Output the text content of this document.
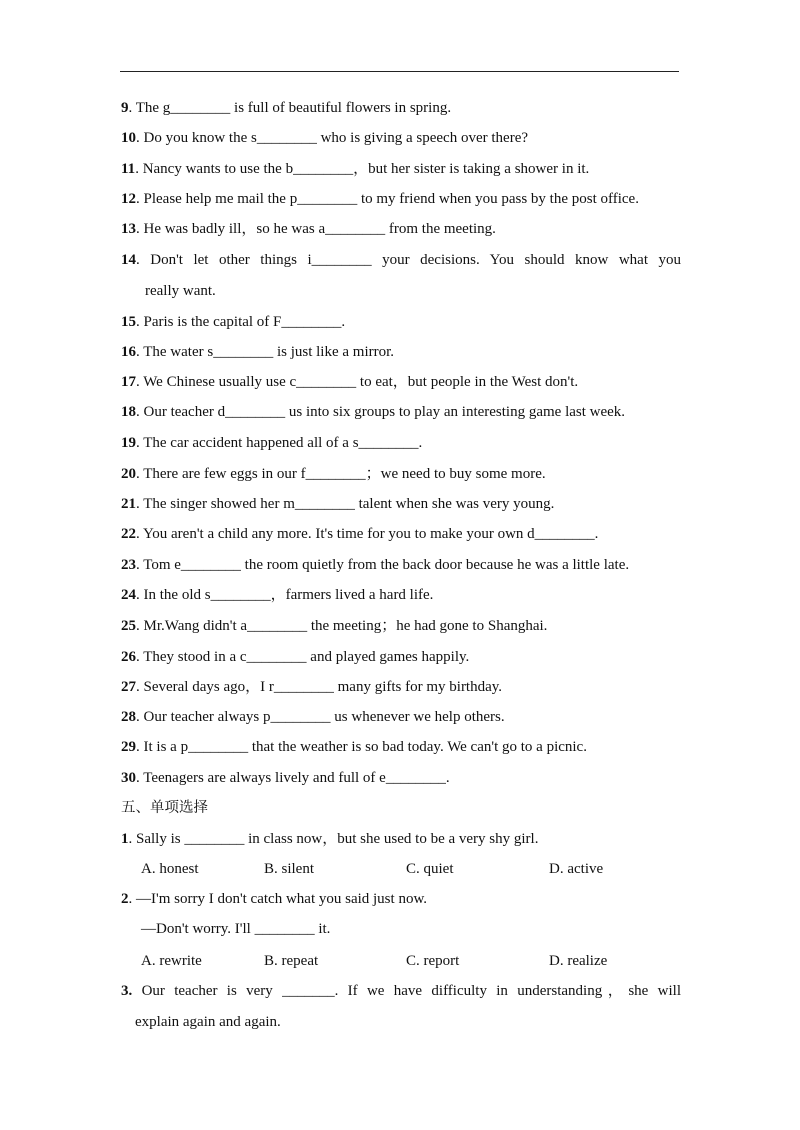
9. The g________ is full of beautiful flowers in spring.
10. Do you know the s________ who is giving a speech over there?
11. Nancy wants to use the b________，but her sister is taking a shower in it.
12. Please help me mail the p________ to my friend when you pass by the post office.
13. He was badly ill，so he was a________ from the meeting.
14. Don't let other things i________ your decisions. You should know what you
really want.
15. Paris is the capital of F________.
16. The water s________ is just like a mirror.
17. We Chinese usually use c________ to eat，but people in the West don't.
18. Our teacher d________ us into six groups to play an interesting game last week.
19. The car accident happened all of a s________.
20. There are few eggs in our f________；we need to buy some more.
21. The singer showed her m________ talent when she was very young.
22. You aren't a child any more. It's time for you to make your own d________.
23. Tom e________ the room quietly from the back door because he was a little late.
24. In the old s________，farmers lived a hard life.
25. Mr.Wang didn't a________ the meeting；he had gone to Shanghai.
26. They stood in a c________ and played games happily.
27. Several days ago，I r________ many gifts for my birthday.
28. Our teacher always p________ us whenever we help others.
29. It is a p________ that the weather is so bad today. We can't go to a picnic.
30. Teenagers are always lively and full of e________.
五、单项选择
1. Sally is ________ in class now，but she used to be a very shy girl.
A. honest	B. silent	C. quiet	D. active
2. —I'm sorry I don't catch what you said just now.
—Don't worry. I'll ________ it.
A. rewrite	B. repeat	C. report	D. realize
3. Our teacher is very _______. If we have difficulty in understanding，she will
explain again and again.
